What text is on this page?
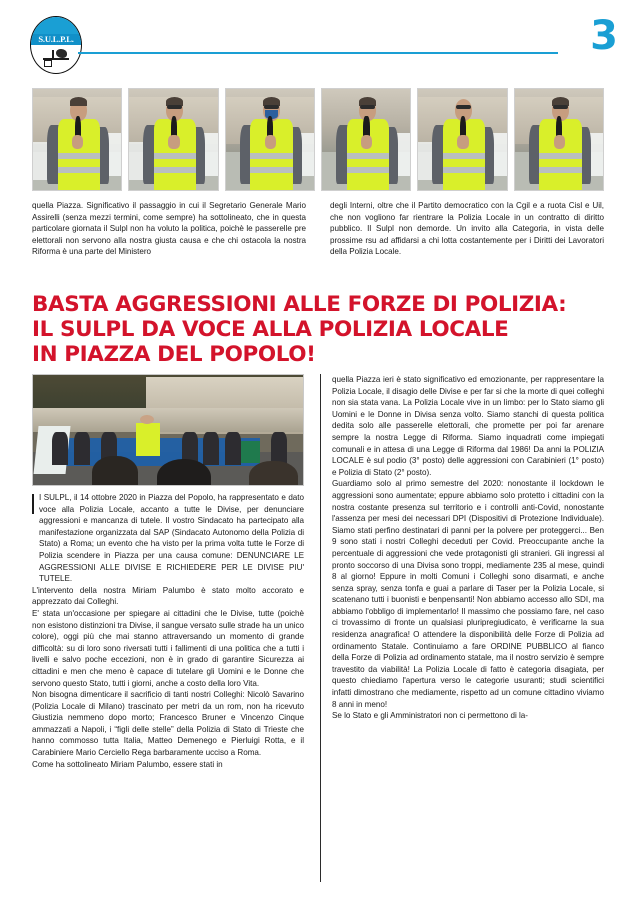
S.U.L.P.L.	3

quella Piazza. Significativo il passaggio in cui il Segretario Generale Mario Assirelli (senza mezzi termini, come sempre) ha sottolineato, che in questa particolare giornata il Sulpl non ha voluto la politica, poichè le passerelle pre elettorali non servono alla nostra giusta causa e che chi ostacola la nostra Riforma è una parte del Ministero

degli Interni, oltre che il Partito democratico con la Cgil e a ruota Cisl e Uil, che non vogliono far rientrare la Polizia Locale in un contratto di diritto pubblico. Il Sulpl non demorde. Un invito alla Categoria, in vista delle prossime rsu ad affidarsi a chi lotta costantemente per i Diritti dei Lavoratori della Polizia Locale.

BASTA AGGRESSIONI ALLE FORZE DI POLIZIA:
IL SULPL DA VOCE ALLA POLIZIA LOCALE
IN PIAZZA DEL POPOLO!

I SULPL, il 14 ottobre 2020 in Piazza del Popolo, ha rappresentato e dato voce alla Polizia Locale, accanto a tutte le Divise, per denunciare aggressioni e mancanza di tutele. Il vostro Sindacato ha partecipato alla manifestazione organizzata dal SAP (Sindacato Autonomo della Polizia di Stato) a Roma; un evento che ha visto per la prima volta tutte le Forze di Polizia scendere in Piazza per una causa comune: DENUNCIARE LE AGGRESSIONI ALLE DIVISE E RICHIEDERE PER LE DIVISE PIU' TUTELE.

L'intervento della nostra Miriam Palumbo è stato molto accorato e apprezzato dai Colleghi.

E' stata un'occasione per spiegare ai cittadini che le Divise, tutte (poichè non esistono distinzioni tra Divise, il sangue versato sulle strade ha un unico colore), oggi più che mai stanno attraversando un momento di grande difficoltà: su di loro sono riversati tutti i fallimenti di una politica che a tutti i livelli e salvo poche eccezioni, non è in grado di garantire Sicurezza ai cittadini e men che meno è capace di tutelare gli Uomini e le Donne che servono questo Stato, tutti i giorni, anche a costo della loro Vita.

Non bisogna dimenticare il sacrificio di tanti nostri Colleghi: Nicolò Savarino (Polizia Locale di Milano) trascinato per metri da un rom, non ha ricevuto Giustizia nemmeno dopo morto; Francesco Bruner e Vincenzo Cinque ammazzati a Napoli, i “figli delle stelle” della Polizia di Stato di Trieste che hanno commosso tutta Italia, Matteo Demenego e Pierluigi Rotta, e il Carabiniere Mario Cerciello Rega barbaramente ucciso a Roma.

Come ha sottolineato Miriam Palumbo, essere stati in

quella Piazza ieri è stato significativo ed emozionante, per rappresentare la Polizia Locale, il disagio delle Divise e per far si che la morte di quei colleghi non sia stata vana. La Polizia Locale vive in un limbo: per lo Stato siamo gli Uomini e le Donne in Divisa senza volto. Siamo stanchi di questa politica dedita solo alle passerelle elettorali, che promette per poi far arenare sempre la nostra Legge di Riforma. Siamo inquadrati come impiegati comunali e in attesa di una Legge di Riforma dal 1986! Da anni la POLIZIA LOCALE è sul podio (3° posto) delle aggressioni con Carabinieri (1° posto) e Polizia di Stato (2° posto).

Guardiamo solo al primo semestre del 2020: nonostante il lockdown le aggressioni sono aumentate; eppure abbiamo solo protetto i cittadini con la nostra costante presenza sul territorio e i controlli anti-Covid, nonostante l'assenza per mesi dei necessari DPI (Dispositivi di Protezione Individuale). Siamo stati perfino destinatari di panni per la polvere per proteggerci... Ben 9 sono stati i nostri Colleghi deceduti per Covid. Preoccupante anche la percentuale di aggressioni che vede protagonisti gli stranieri. Gli ingressi al pronto soccorso di una Divisa sono troppi, mediamente 235 al mese, quindi 8 al giorno! Eppure in molti Comuni i Colleghi sono disarmati, e anche senza spray, senza tonfa e guai a parlare di Taser per la Polizia Locale, si scatenano tutti i buonisti e benpensanti! Non abbiamo accesso allo SDI, ma abbiamo l'obbligo di implementarlo! Il massimo che possiamo fare, nel caso ci trovassimo di fronte un qualsiasi pluripregiudicato, è verificarne la sua residenza anagrafica! O attendere la disponibilità delle Forze di Polizia ad ordinamento Statale. Continuiamo a fare ORDINE PUBBLICO al fianco della Forze di Polizia ad ordinamento statale, ma il nostro servizio è sempre travestito da viabilità! La Polizia Locale di fatto è categoria disagiata, per questo chiediamo l'apertura verso le categorie usuranti; studi scientifici infatti dimostrano che mediamente, rispetto ad un comune cittadino viviamo 8 anni in meno!

Se lo Stato e gli Amministratori non ci permettono di la-
